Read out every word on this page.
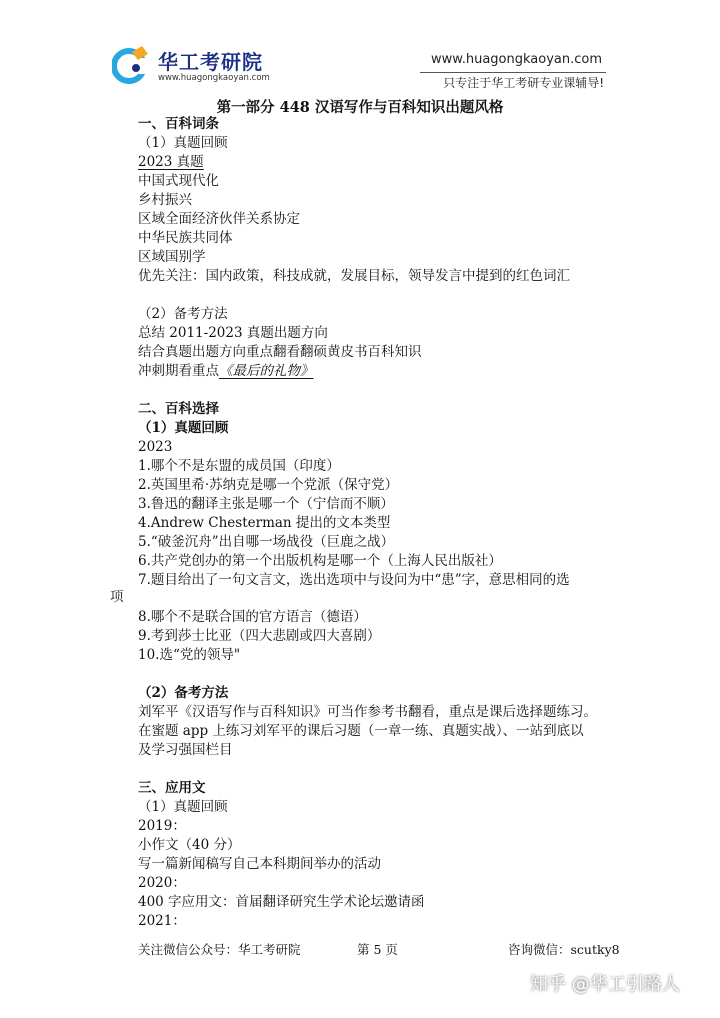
华工考研院
www.huagongkaoyan.com
www.huagongkaoyan.com
只专注于华工考研专业课辅导!
第一部分 448 汉语写作与百科知识出题风格
一、百科词条
（1）真题回顾
2023 真题
中国式现代化
乡村振兴
区域全面经济伙伴关系协定
中华民族共同体
区域国别学
优先关注：国内政策，科技成就，发展目标，领导发言中提到的红色词汇
（2）备考方法
总结 2011-2023 真题出题方向
结合真题出题方向重点翻看翻硕黄皮书百科知识
冲刺期看重点《最后的礼物》
二、百科选择
（1）真题回顾
2023
1.哪个不是东盟的成员国（印度）
2.英国里希·苏纳克是哪一个党派（保守党）
3.鲁迅的翻译主张是哪一个（宁信而不顺）
4.Andrew Chesterman 提出的文本类型
5.“破釜沉舟”出自哪一场战役（巨鹿之战）
6.共产党创办的第一个出版机构是哪一个（上海人民出版社）
7.题目给出了一句文言文，选出选项中与设问为中“患”字，意思相同的选
项
8.哪个不是联合国的官方语言（德语）
9.考到莎士比亚（四大悲剧或四大喜剧）
10.选“党的领导"
（2）备考方法
刘军平《汉语写作与百科知识》可当作参考书翻看，重点是课后选择题练习。
在蜜题 app 上练习刘军平的课后习题（一章一练、真题实战）、一站到底以
及学习强国栏目
三、应用文
（1）真题回顾
2019：
小作文（40 分）
写一篇新闻稿写自己本科期间举办的活动
2020：
400 字应用文：首届翻译研究生学术论坛邀请函
2021：
关注微信公众号：华工考研院	第 5 页	咨询微信：scutky8
知乎 @华工引路人
